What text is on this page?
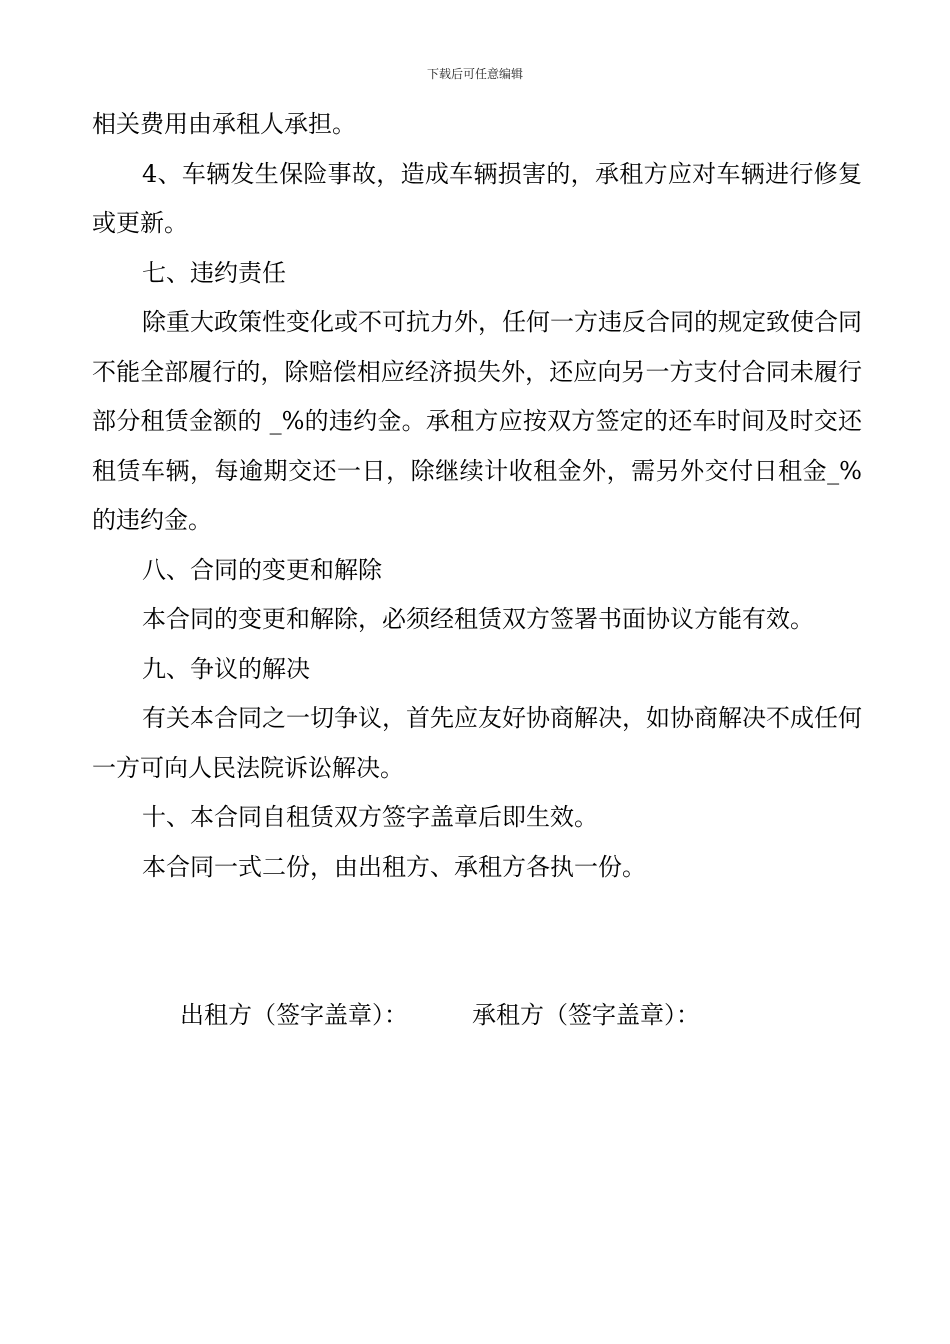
下载后可任意编辑

相关费用由承租人承担。

4、车辆发生保险事故，造成车辆损害的，承租方应对车辆进行修复或更新。

七、违约责任

除重大政策性变化或不可抗力外，任何一方违反合同的规定致使合同不能全部履行的，除赔偿相应经济损失外，还应向另一方支付合同未履行部分租赁金额的 _%的违约金。承租方应按双方签定的还车时间及时交还租赁车辆，每逾期交还一日，除继续计收租金外，需另外交付日租金_%的违约金。

八、合同的变更和解除

本合同的变更和解除，必须经租赁双方签署书面协议方能有效。

九、争议的解决

有关本合同之一切争议，首先应友好协商解决，如协商解决不成任何一方可向人民法院诉讼解决。

十、本合同自租赁双方签字盖章后即生效。

本合同一式二份，由出租方、承租方各执一份。

出租方（签字盖章）：	承租方（签字盖章）：
